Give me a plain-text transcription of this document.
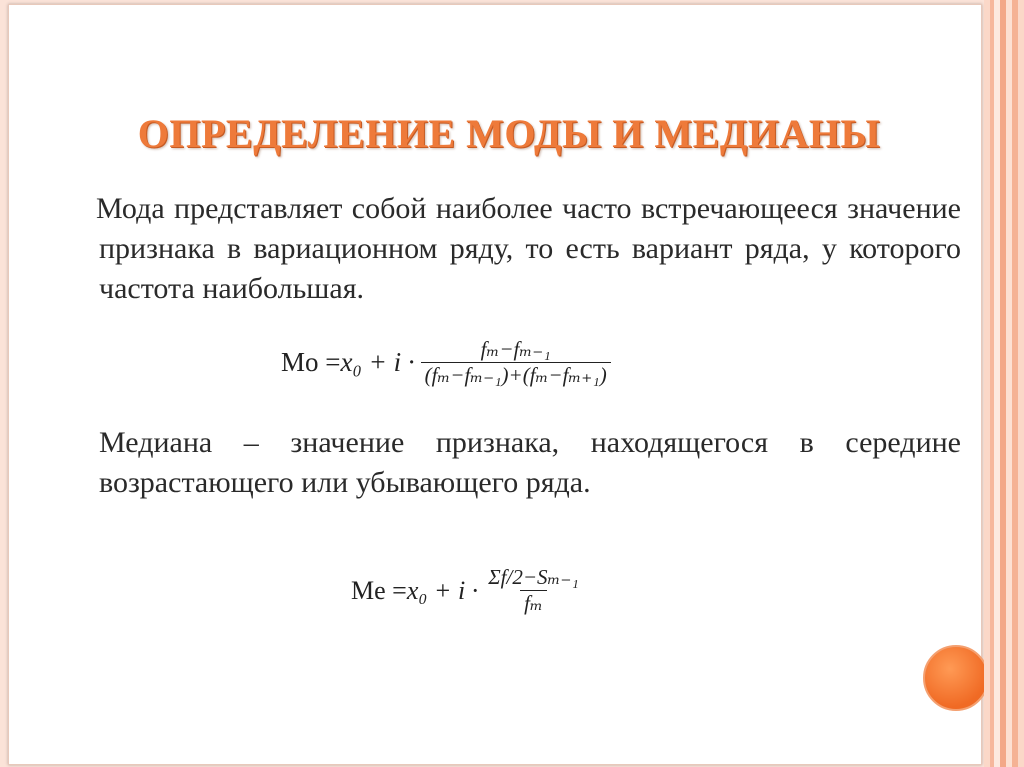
ОПРЕДЕЛЕНИЕ МОДЫ И МЕДИАНЫ
Мода представляет собой наиболее часто встречающееся значение признака в вариационном ряду, то есть вариант ряда, у которого частота наибольшая.
$Mo = x_0 + i \cdot \frac{\text{fₘ−fₘ₋₁}}{\text{(fₘ−fₘ₋₁)+(fₘ−fₘ₊₁)}}$
Медиана – значение признака, находящегося в середине возрастающего или убывающего ряда.
$Me = x_0 + i \cdot \frac{\text{Σf/2−Sₘ₋₁}}{\text{fₘ}}$
